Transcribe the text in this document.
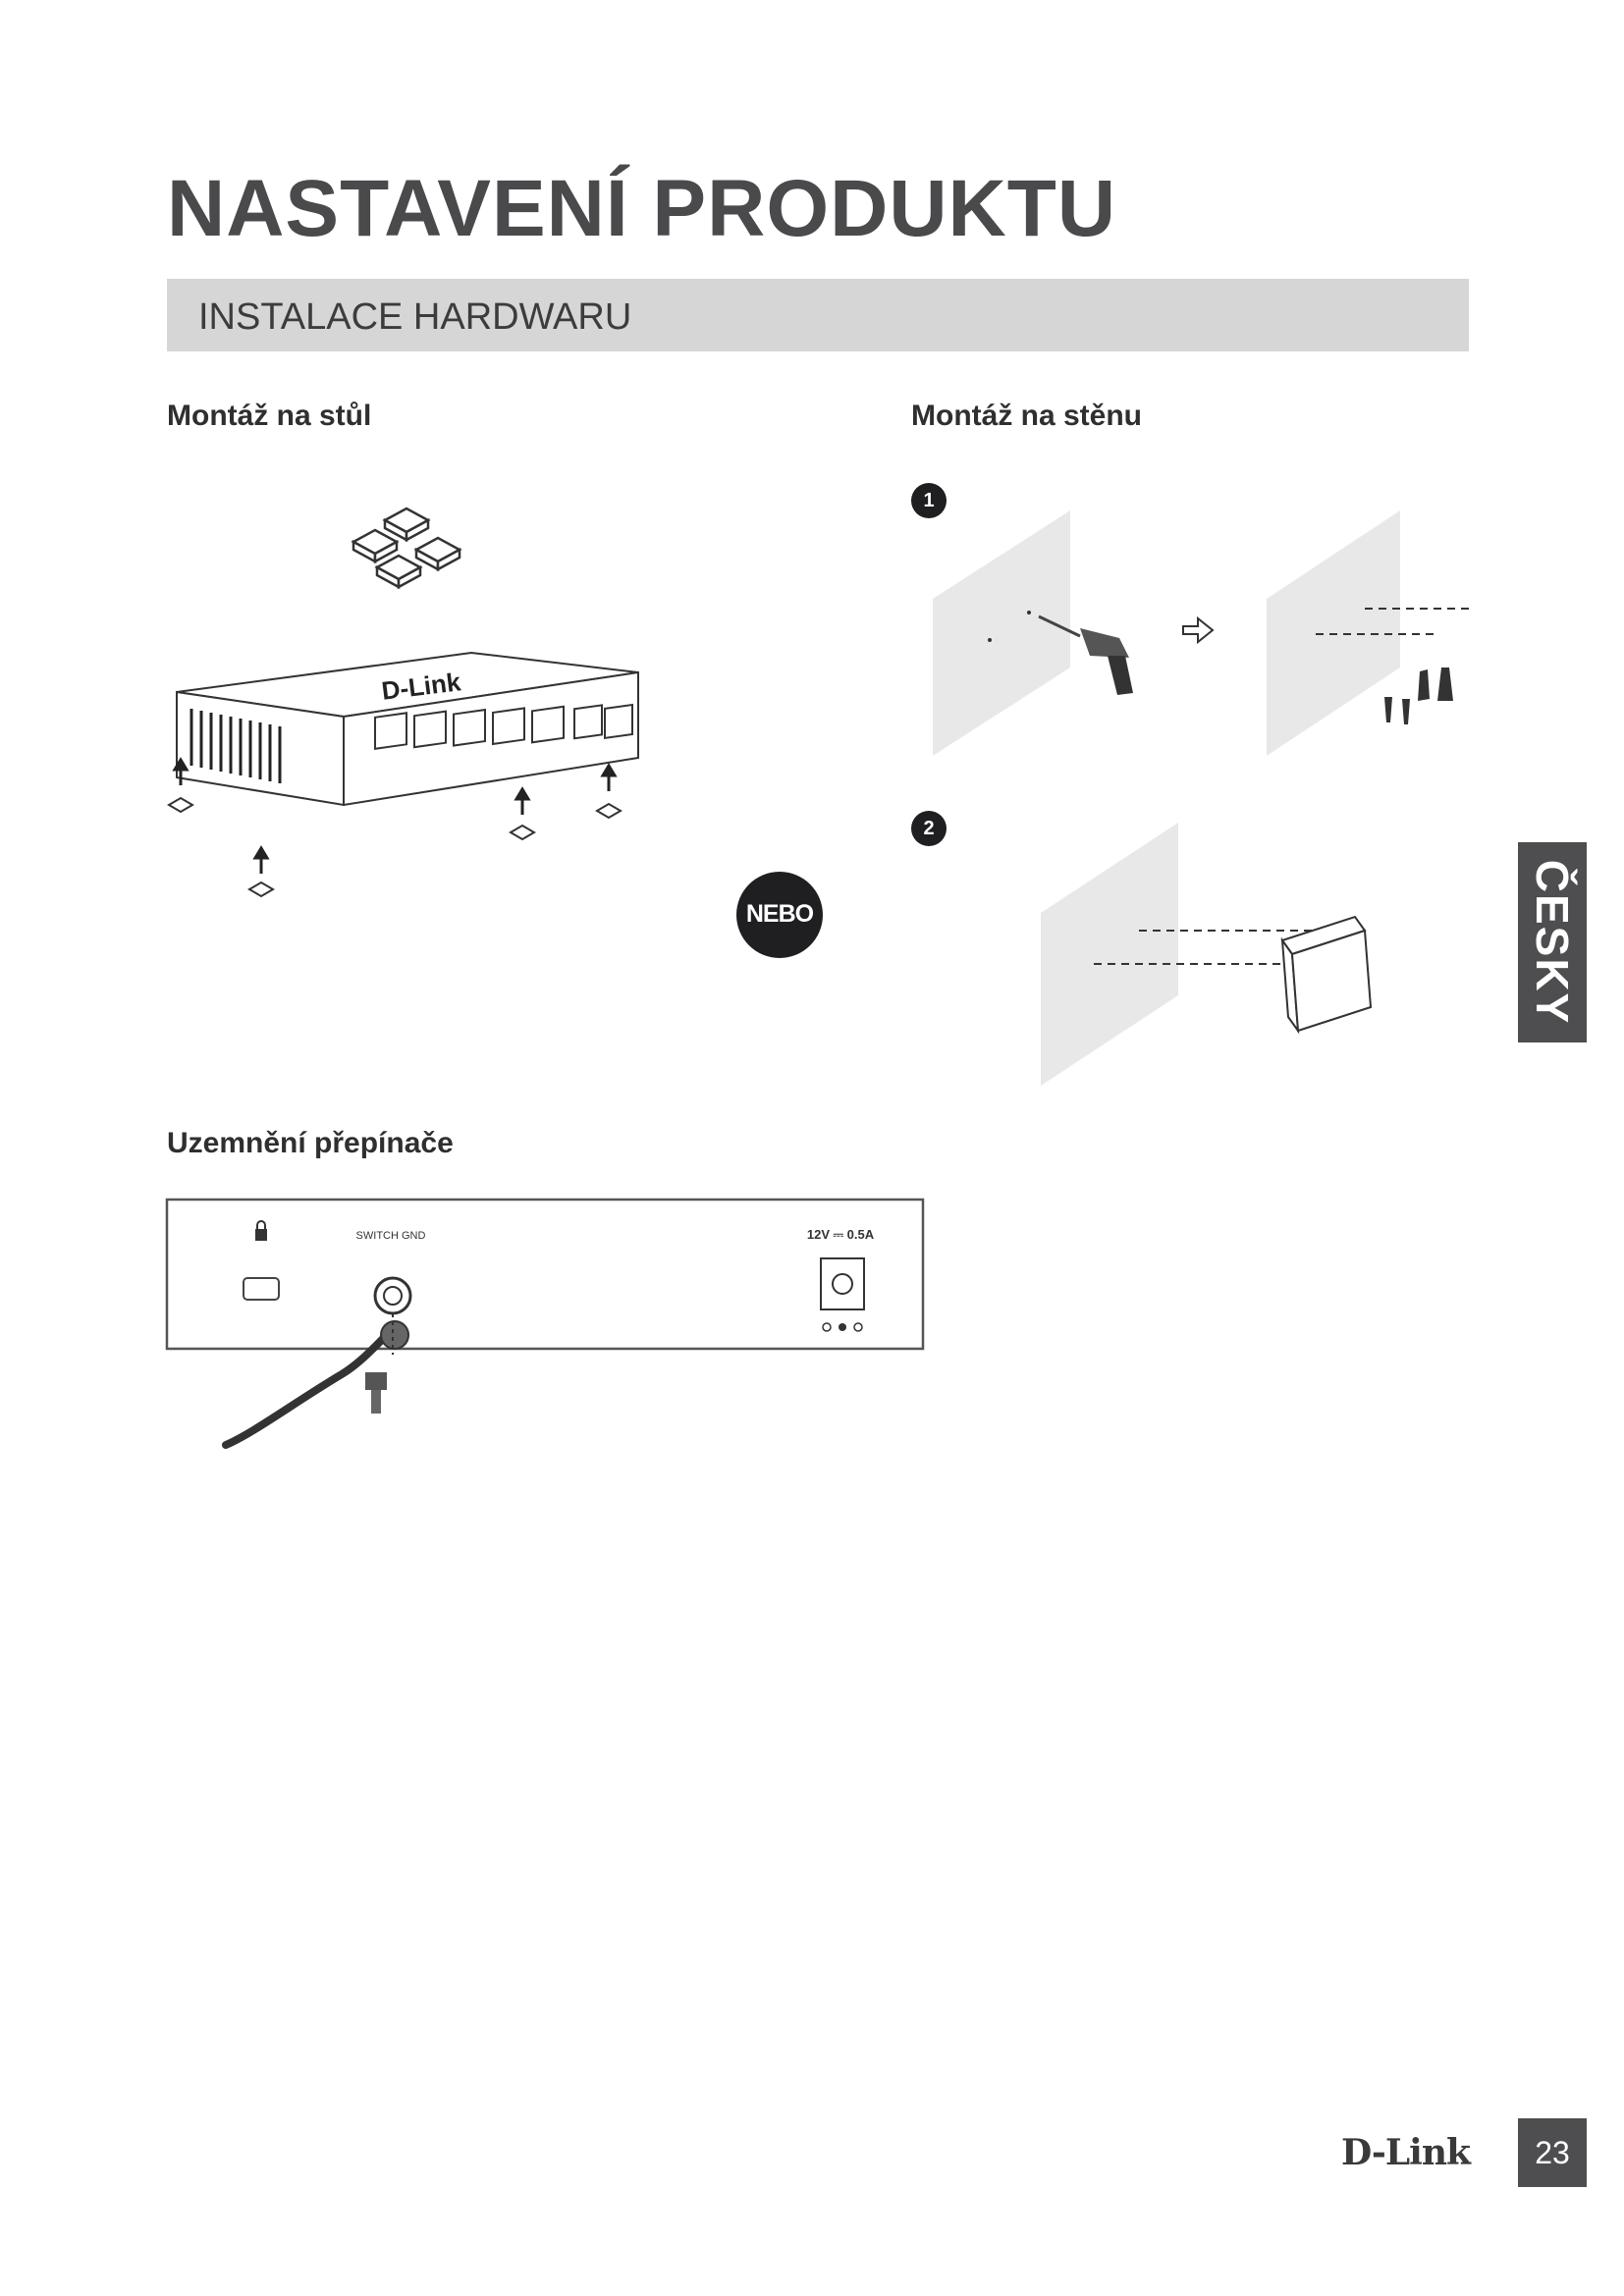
NASTAVENÍ PRODUKTU
INSTALACE HARDWARU
Montáž na stůl	Montáž na stěnu
Uzemnění přepínače
D-Link
NEBO
1
2
SWITCH GND	12V ⎓ 0.5A
ČESKY
D-Link	23
